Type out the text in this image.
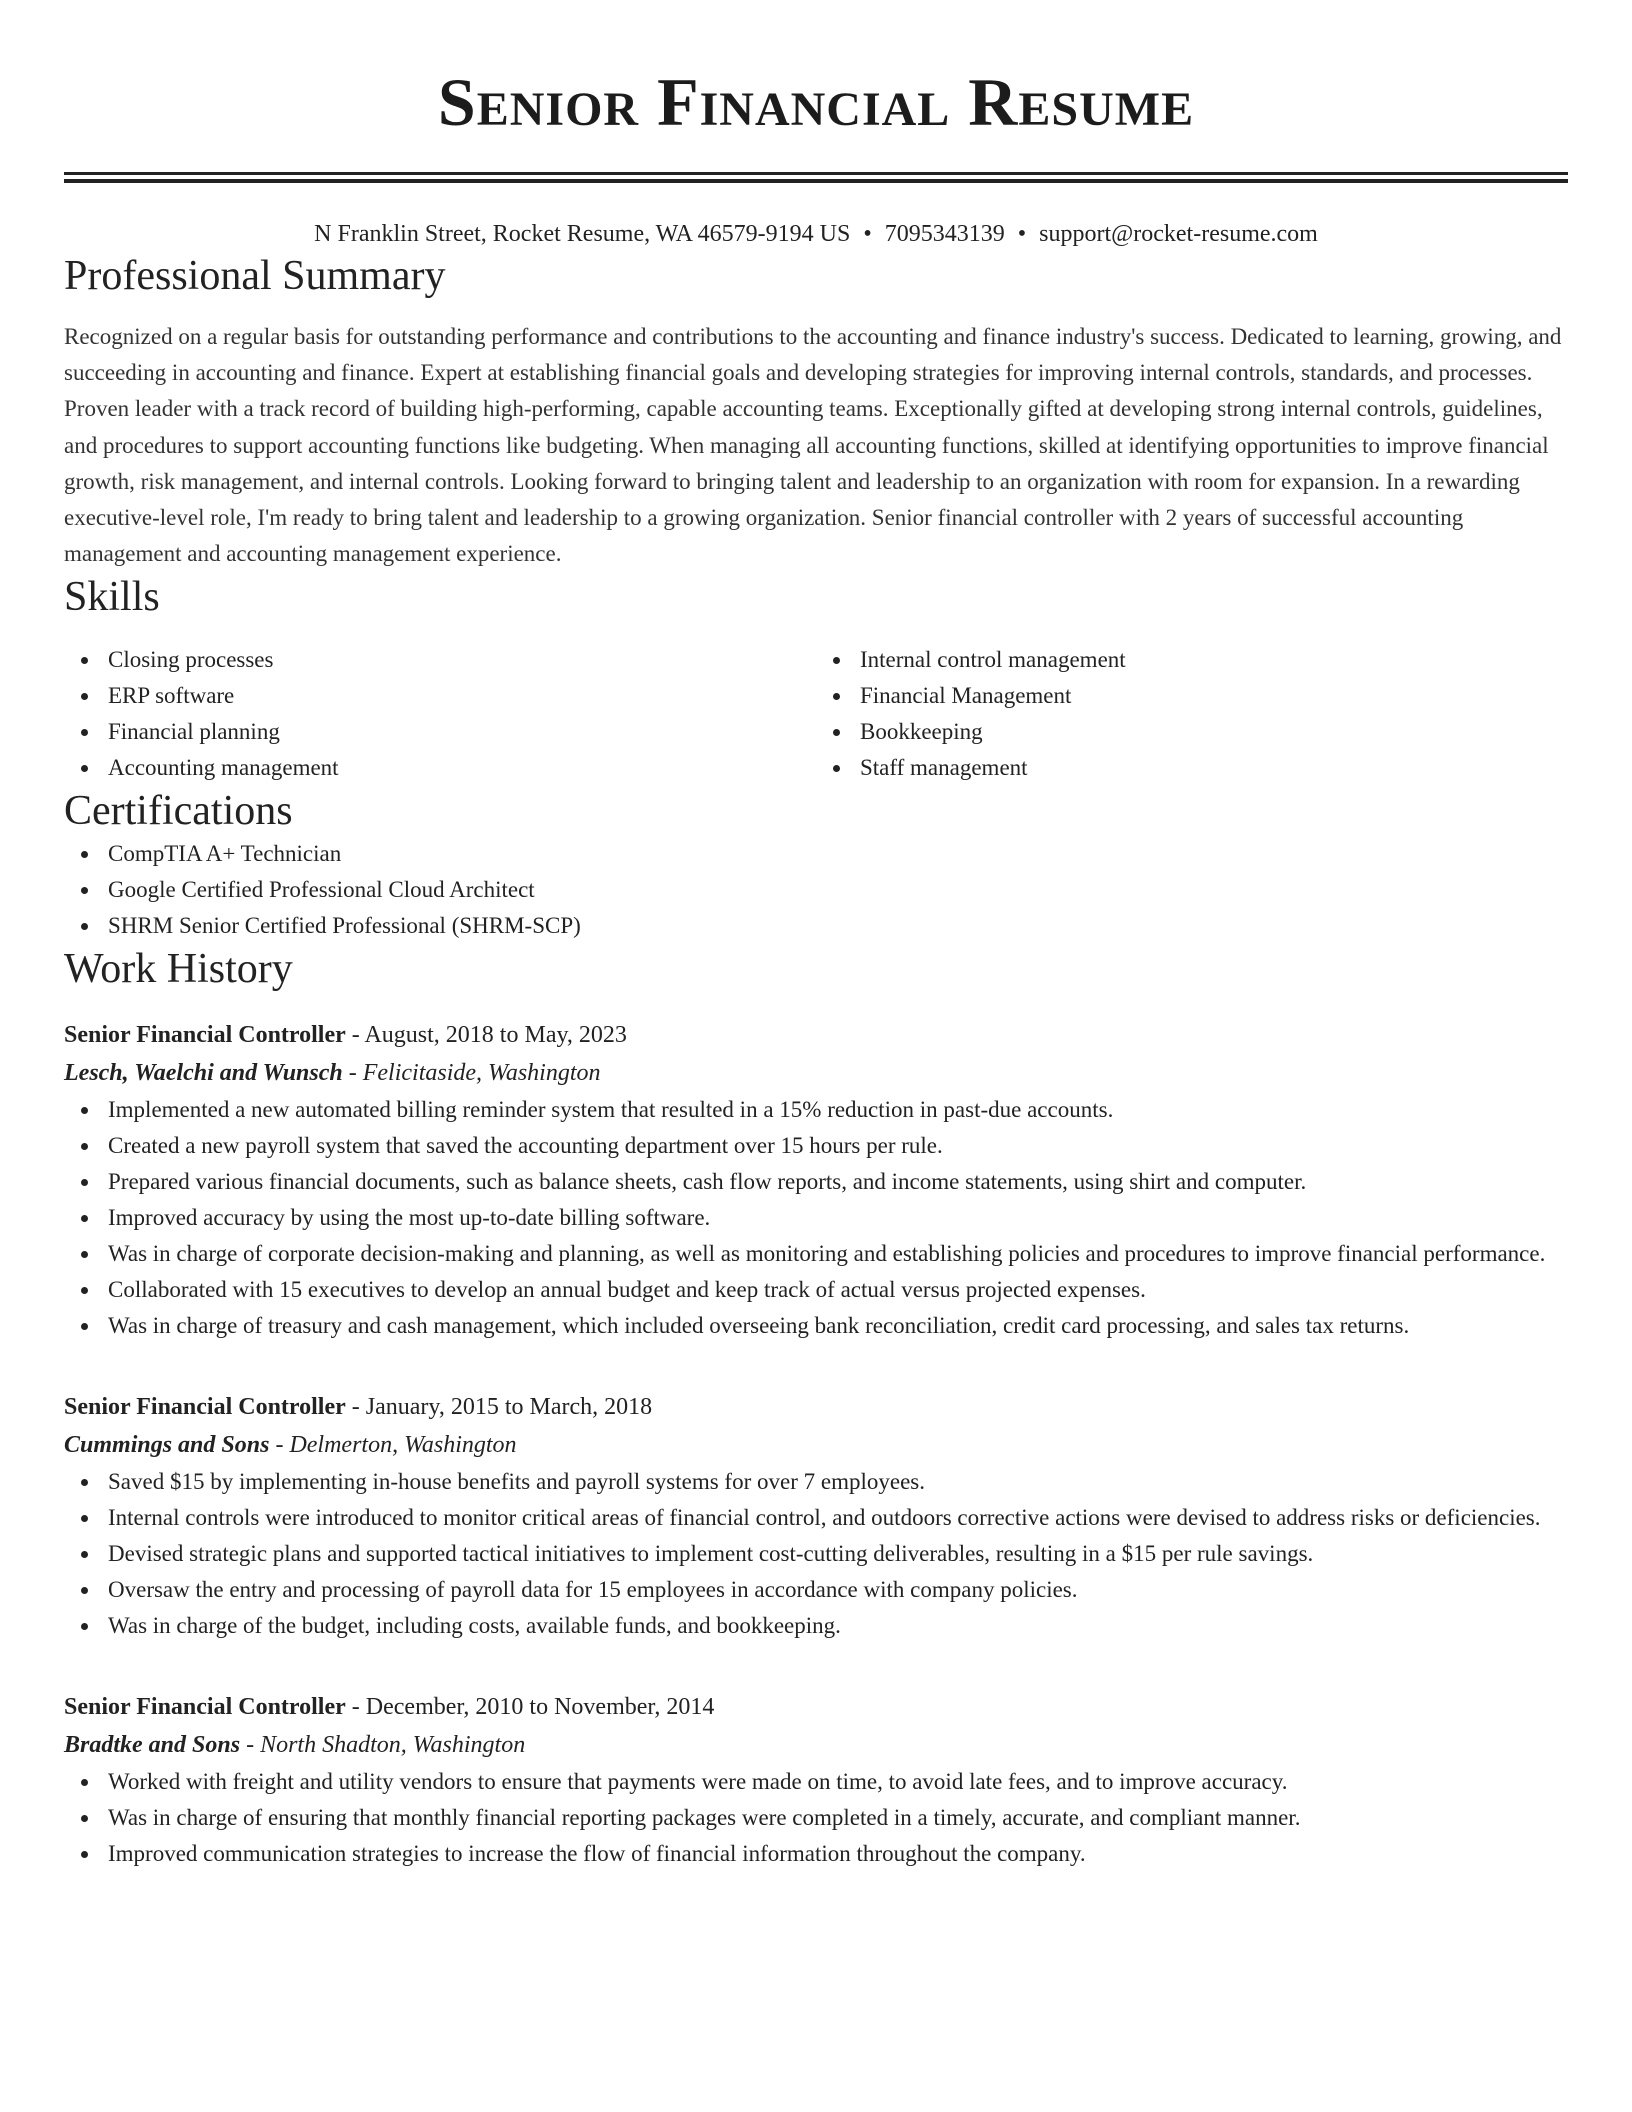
Senior Financial Resume
N Franklin Street, Rocket Resume, WA 46579-9194 US • 7095343139 • support@rocket-resume.com
Professional Summary

Recognized on a regular basis for outstanding performance and contributions to the accounting and finance industry's success. Dedicated to learning, growing, and succeeding in accounting and finance. Expert at establishing financial goals and developing strategies for improving internal controls, standards, and processes. Proven leader with a track record of building high-performing, capable accounting teams. Exceptionally gifted at developing strong internal controls, guidelines, and procedures to support accounting functions like budgeting. When managing all accounting functions, skilled at identifying opportunities to improve financial growth, risk management, and internal controls. Looking forward to bringing talent and leadership to an organization with room for expansion. In a rewarding executive-level role, I'm ready to bring talent and leadership to a growing organization. Senior financial controller with 2 years of successful accounting management and accounting management experience.

Skills
Closing processes
ERP software
Financial planning
Accounting management
Internal control management
Financial Management
Bookkeeping
Staff management
Certifications
CompTIA A+ Technician
Google Certified Professional Cloud Architect
SHRM Senior Certified Professional (SHRM-SCP)
Work History
Senior Financial Controller - August, 2018 to May, 2023
Lesch, Waelchi and Wunsch - Felicitaside, Washington
Implemented a new automated billing reminder system that resulted in a 15% reduction in past-due accounts.
Created a new payroll system that saved the accounting department over 15 hours per rule.
Prepared various financial documents, such as balance sheets, cash flow reports, and income statements, using shirt and computer.
Improved accuracy by using the most up-to-date billing software.
Was in charge of corporate decision-making and planning, as well as monitoring and establishing policies and procedures to improve financial performance.
Collaborated with 15 executives to develop an annual budget and keep track of actual versus projected expenses.
Was in charge of treasury and cash management, which included overseeing bank reconciliation, credit card processing, and sales tax returns.
Senior Financial Controller - January, 2015 to March, 2018
Cummings and Sons - Delmerton, Washington
Saved $15 by implementing in-house benefits and payroll systems for over 7 employees.
Internal controls were introduced to monitor critical areas of financial control, and outdoors corrective actions were devised to address risks or deficiencies.
Devised strategic plans and supported tactical initiatives to implement cost-cutting deliverables, resulting in a $15 per rule savings.
Oversaw the entry and processing of payroll data for 15 employees in accordance with company policies.
Was in charge of the budget, including costs, available funds, and bookkeeping.
Senior Financial Controller - December, 2010 to November, 2014
Bradtke and Sons - North Shadton, Washington
Worked with freight and utility vendors to ensure that payments were made on time, to avoid late fees, and to improve accuracy.
Was in charge of ensuring that monthly financial reporting packages were completed in a timely, accurate, and compliant manner.
Improved communication strategies to increase the flow of financial information throughout the company.
